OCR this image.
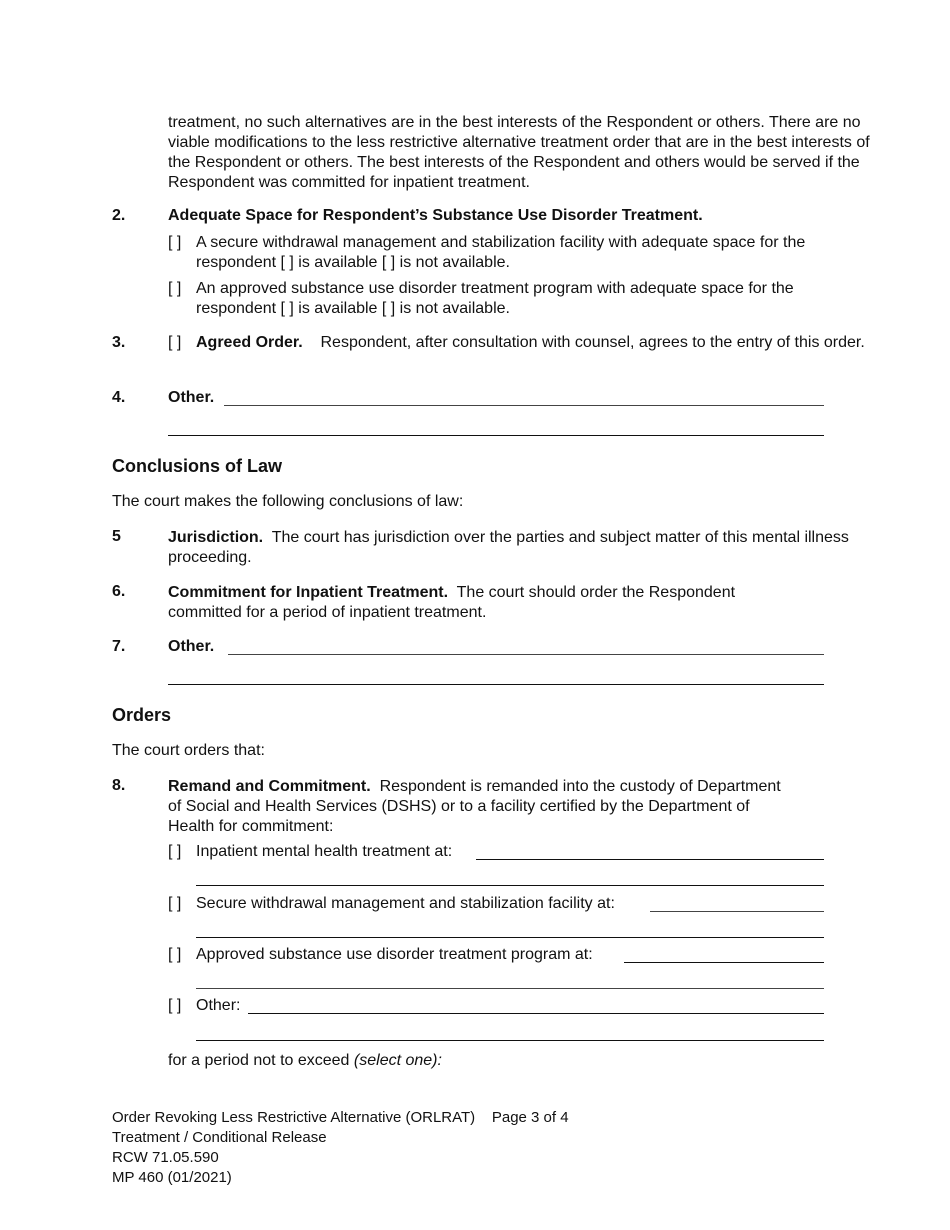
treatment, no such alternatives are in the best interests of the Respondent or others. There are no viable modifications to the less restrictive alternative treatment order that are in the best interests of the Respondent or others. The best interests of the Respondent and others would be served if the Respondent was committed for inpatient treatment.
2.	Adequate Space for Respondent’s Substance Use Disorder Treatment.
[ ] A secure withdrawal management and stabilization facility with adequate space for the respondent [ ] is available [ ] is not available.
[ ] An approved substance use disorder treatment program with adequate space for the respondent [ ] is available [ ] is not available.
3.	[ ] Agreed Order. Respondent, after consultation with counsel, agrees to the entry of this order.
4.	Other.
Conclusions of Law
The court makes the following conclusions of law:
5	Jurisdiction. The court has jurisdiction over the parties and subject matter of this mental illness proceeding.
6.	Commitment for Inpatient Treatment. The court should order the Respondent committed for a period of inpatient treatment.
7.	Other.
Orders
The court orders that:
8.	Remand and Commitment. Respondent is remanded into the custody of Department of Social and Health Services (DSHS) or to a facility certified by the Department of Health for commitment:
[ ] Inpatient mental health treatment at:
[ ] Secure withdrawal management and stabilization facility at:
[ ] Approved substance use disorder treatment program at:
[ ] Other:
for a period not to exceed (select one):
Order Revoking Less Restrictive Alternative (ORLRAT) Page 3 of 4
Treatment / Conditional Release
RCW 71.05.590
MP 460 (01/2021)
